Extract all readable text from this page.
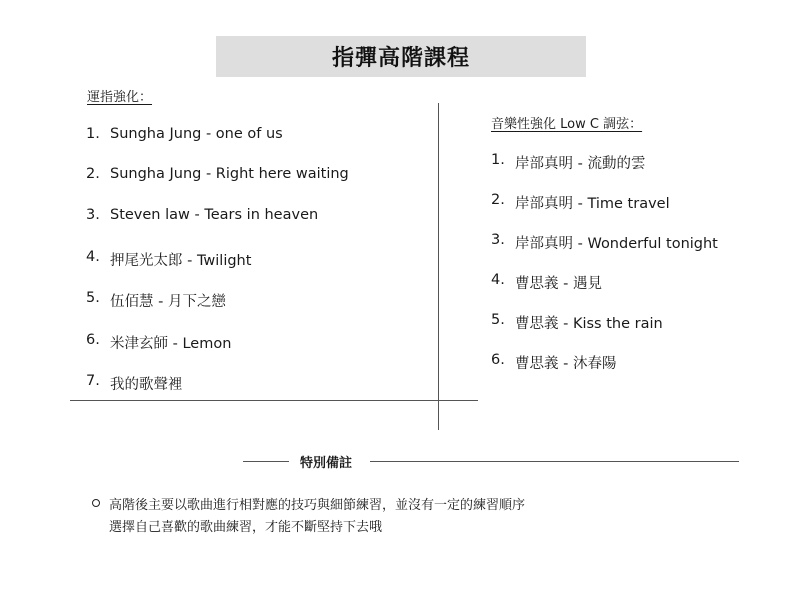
指彈高階課程
運指強化：
1. Sungha Jung - one of us
2. Sungha Jung - Right here waiting
3. Steven law - Tears in heaven
4. 押尾光太郎 - Twilight
5. 伍佰慧 - 月下之戀
6. 米津玄師 - Lemon
7. 我的歌聲裡
音樂性強化 Low C 調弦：
1. 岸部真明 - 流動的雲
2. 岸部真明 - Time travel
3. 岸部真明 - Wonderful tonight
4. 曹思義 - 遇見
5. 曹思義 - Kiss the rain
6. 曹思義 - 沐春陽
特別備註
高階後主要以歌曲進行相對應的技巧與細節練習，並沒有一定的練習順序
選擇自己喜歡的歌曲練習，才能不斷堅持下去哦
